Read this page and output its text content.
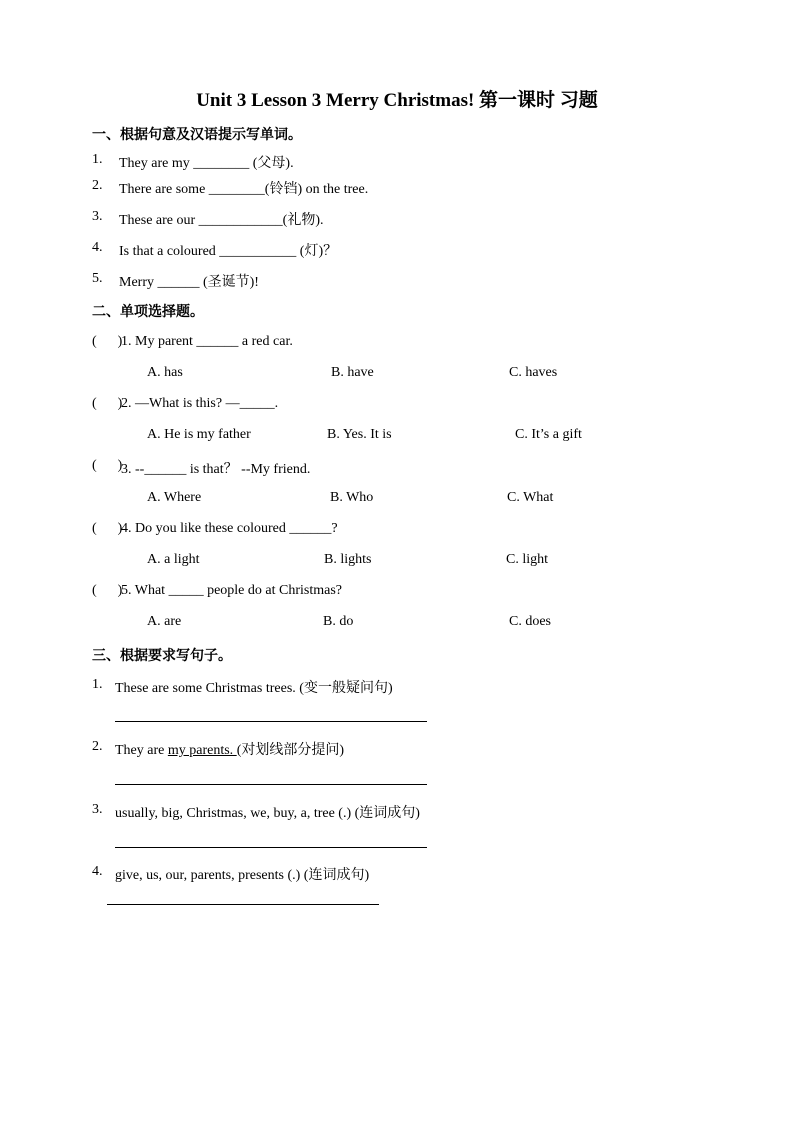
Unit 3 Lesson 3 Merry Christmas! 第一课时 习题
一、根据句意及汉语提示写单词。
1. They are my ________ (父母).
2. There are some ________(铃铛) on the tree.
3. These are our ____________(礼物).
4. Is that a coloured ___________ (灯)？
5. Merry ______ (圣诞节)!
二、单项选择题。
(      )
1. My parent ______ a red car.
A. has	B. have	C. haves
(      )
2. —What is this? —_____.
A. He is my father	B. Yes. It is	C. It’s a gift
(      )
3. --______ is that？ --My friend.
A. Where	B. Who	C. What
(      )
4. Do you like these coloured ______?
A. a light	B. lights	C. light
(      )
5. What _____ people do at Christmas?
A. are	B. do	C. does
三、根据要求写句子。
1. These are some Christmas trees. (变一般疑问句)
2. They are my parents. (对划线部分提问)
3. usually, big, Christmas, we, buy, a, tree (.) (连词成句)
4. give, us, our, parents, presents (.) (连词成句)
